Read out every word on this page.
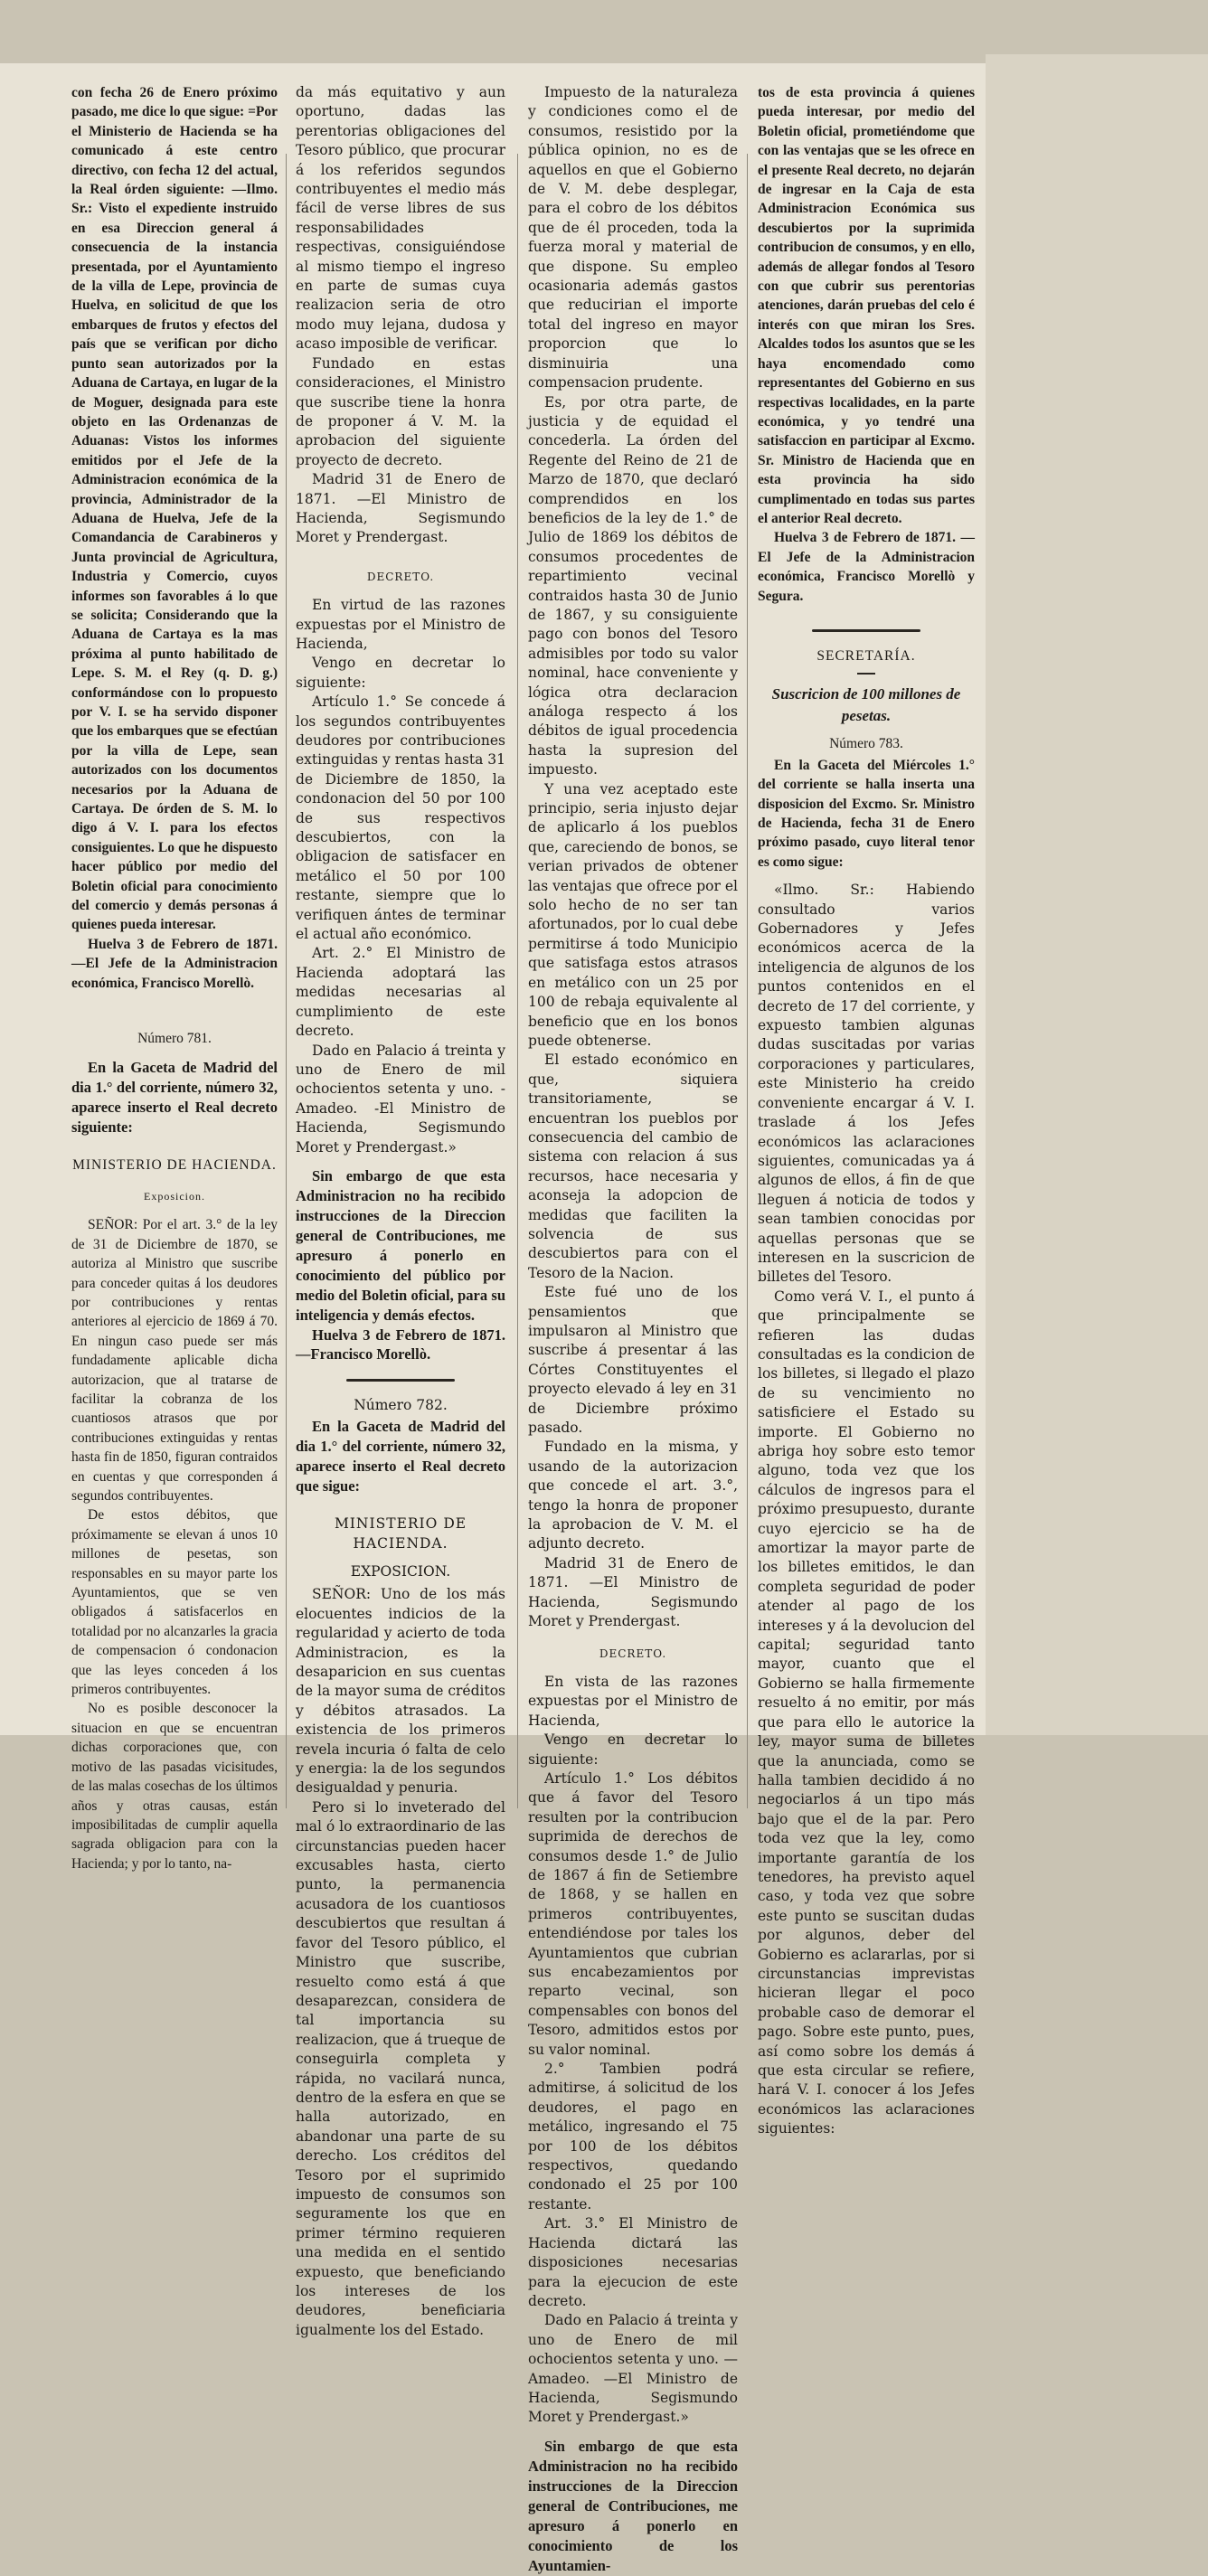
con fecha 26 de Enero próximo pasado, me dice lo que sigue: =Por el Ministerio de Hacienda se ha comunicado á este centro directivo, con fecha 12 del actual, la Real órden siguiente: —Ilmo. Sr.: Visto el expediente instruido en esa Direccion general á consecuencia de la instancia presentada, por el Ayuntamiento de la villa de Lepe, provincia de Huelva, en solicitud de que los embarques de frutos y efectos del país que se verifican por dicho punto sean autorizados por la Aduana de Cartaya, en lugar de la de Moguer, designada para este objeto en las Ordenanzas de Aduanas: Vistos los informes emitidos por el Jefe de la Administracion económica de la provincia, Administrador de la Aduana de Huelva, Jefe de la Comandancia de Carabineros y Junta provincial de Agricultura, Industria y Comercio, cuyos informes son favorables á lo que se solicita; Considerando que la Aduana de Cartaya es la mas próxima al punto habilitado de Lepe. S. M. el Rey (q. D. g.) conformándose con lo propuesto por V. I. se ha servido disponer que los embarques que se efectúan por la villa de Lepe, sean autorizados con los documentos necesarios por la Aduana de Cartaya. De órden de S. M. lo digo á V. I. para los efectos consiguientes. Lo que he dispuesto hacer público por medio del Boletin oficial para conocimiento del comercio y demás personas á quienes pueda interesar.

Huelva 3 de Febrero de 1871. —El Jefe de la Administracion económica, Francisco Morellò.

Número 781.

En la Gaceta de Madrid del dia 1.° del corriente, número 32, aparece inserto el Real decreto siguiente:

MINISTERIO DE HACIENDA.
Exposicion.

SEÑOR: Por el art. 3.° de la ley de 31 de Diciembre de 1870, se autoriza al Ministro que suscribe para conceder quitas á los deudores por contribuciones y rentas anteriores al ejercicio de 1869 á 70. En ningun caso puede ser más fundadamente aplicable dicha autorizacion, que al tratarse de facilitar la cobranza de los cuantiosos atrasos que por contribuciones extinguidas y rentas hasta fin de 1850, figuran contraidos en cuentas y que corresponden á segundos contribuyentes.

De estos débitos, que próximamente se elevan á unos 10 millones de pesetas, son responsables en su mayor parte los Ayuntamientos, que se ven obligados á satisfacerlos en totalidad por no alcanzarles la gracia de compensacion ó condonacion que las leyes conceden á los primeros contribuyentes.

No es posible desconocer la situacion en que se encuentran dichas corporaciones que, con motivo de las pasadas vicisitudes, de las malas cosechas de los últimos años y otras causas, están imposibilitadas de cumplir aquella sagrada obligacion para con la Hacienda; y por lo tanto, na-

da más equitativo y aun oportuno, dadas las perentorias obligaciones del Tesoro público, que procurar á los referidos segundos contribuyentes el medio más fácil de verse libres de sus responsabilidades respectivas, consiguiéndose al mismo tiempo el ingreso en parte de sumas cuya realizacion seria de otro modo muy lejana, dudosa y acaso imposible de verificar.

Fundado en estas consideraciones, el Ministro que suscribe tiene la honra de proponer á V. M. la aprobacion del siguiente proyecto de decreto.

Madrid 31 de Enero de 1871. —El Ministro de Hacienda, Segismundo Moret y Prendergast.

DECRETO.

En virtud de las razones expuestas por el Ministro de Hacienda,

Vengo en decretar lo siguiente:

Artículo 1.° Se concede á los segundos contribuyentes deudores por contribuciones extinguidas y rentas hasta 31 de Diciembre de 1850, la condonacion del 50 por 100 de sus respectivos descubiertos, con la obligacion de satisfacer en metálico el 50 por 100 restante, siempre que lo verifiquen ántes de terminar el actual año económico.

Art. 2.° El Ministro de Hacienda adoptará las medidas necesarias al cumplimiento de este decreto.

Dado en Palacio á treinta y uno de Enero de mil ochocientos setenta y uno. -Amadeo. -El Ministro de Hacienda, Segismundo Moret y Prendergast.»

Sin embargo de que esta Administracion no ha recibido instrucciones de la Direccion general de Contribuciones, me apresuro á ponerlo en conocimiento del público por medio del Boletin oficial, para su inteligencia y demás efectos.

Huelva 3 de Febrero de 1871. —Francisco Morellò.

Número 782.

En la Gaceta de Madrid del dia 1.° del corriente, número 32, aparece inserto el Real decreto que sigue:

MINISTERIO DE HACIENDA.
EXPOSICION.

SEÑOR: Uno de los más elocuentes indicios de la regularidad y acierto de toda Administracion, es la desaparicion en sus cuentas de la mayor suma de créditos y débitos atrasados. La existencia de los primeros revela incuria ó falta de celo y energia: la de los segundos desigualdad y penuria.

Pero si lo inveterado del mal ó lo extraordinario de las circunstancias pueden hacer excusables hasta, cierto punto, la permanencia acusadora de los cuantiosos descubiertos que resultan á favor del Tesoro público, el Ministro que suscribe, resuelto como está á que desaparezcan, considera de tal importancia su realizacion, que á trueque de conseguirla completa y rápida, no vacilará nunca, dentro de la esfera en que se halla autorizado, en abandonar una parte de su derecho. Los créditos del Tesoro por el suprimido impuesto de consumos son seguramente los que en primer término requieren una medida en el sentido expuesto, que beneficiando los intereses de los deudores, beneficiaria igualmente los del Estado.

Impuesto de la naturaleza y condiciones como el de consumos, resistido por la pública opinion, no es de aquellos en que el Gobierno de V. M. debe desplegar, para el cobro de los débitos que de él proceden, toda la fuerza moral y material de que dispone. Su empleo ocasionaria además gastos que reducirian el importe total del ingreso en mayor proporcion que lo disminuiria una compensacion prudente.

Es, por otra parte, de justicia y de equidad el concederla. La órden del Regente del Reino de 21 de Marzo de 1870, que declaró comprendidos en los beneficios de la ley de 1.° de Julio de 1869 los débitos de consumos procedentes de repartimiento vecinal contraidos hasta 30 de Junio de 1867, y su consiguiente pago con bonos del Tesoro admisibles por todo su valor nominal, hace conveniente y lógica otra declaracion análoga respecto á los débitos de igual procedencia hasta la supresion del impuesto.

Y una vez aceptado este principio, seria injusto dejar de aplicarlo á los pueblos que, careciendo de bonos, se verian privados de obtener las ventajas que ofrece por el solo hecho de no ser tan afortunados, por lo cual debe permitirse á todo Municipio que satisfaga estos atrasos en metálico con un 25 por 100 de rebaja equivalente al beneficio que en los bonos puede obtenerse.

El estado económico en que, siquiera transitoriamente, se encuentran los pueblos por consecuencia del cambio de sistema con relacion á sus recursos, hace necesaria y aconseja la adopcion de medidas que faciliten la solvencia de sus descubiertos para con el Tesoro de la Nacion.

Este fué uno de los pensamientos que impulsaron al Ministro que suscribe á presentar á las Córtes Constituyentes el proyecto elevado á ley en 31 de Diciembre próximo pasado.

Fundado en la misma, y usando de la autorizacion que concede el art. 3.°, tengo la honra de proponer la aprobacion de V. M. el adjunto decreto.

Madrid 31 de Enero de 1871. —El Ministro de Hacienda, Segismundo Moret y Prendergast.

DECRETO.

En vista de las razones expuestas por el Ministro de Hacienda,

Vengo en decretar lo siguiente:

Artículo 1.° Los débitos que á favor del Tesoro resulten por la contribucion suprimida de derechos de consumos desde 1.° de Julio de 1867 á fin de Setiembre de 1868, y se hallen en primeros contribuyentes, entendiéndose por tales los Ayuntamientos que cubrian sus encabezamientos por reparto vecinal, son compensables con bonos del Tesoro, admitidos estos por su valor nominal.

2.° Tambien podrá admitirse, á solicitud de los deudores, el pago en metálico, ingresando el 75 por 100 de los débitos respectivos, quedando condonado el 25 por 100 restante.

Art. 3.° El Ministro de Hacienda dictará las disposiciones necesarias para la ejecucion de este decreto.

Dado en Palacio á treinta y uno de Enero de mil ochocientos setenta y uno. —Amadeo. —El Ministro de Hacienda, Segismundo Moret y Prendergast.»

Sin embargo de que esta Administracion no ha recibido instrucciones de la Direccion general de Contribuciones, me apresuro á ponerlo en conocimiento de los Ayuntamien-

tos de esta provincia á quienes pueda interesar, por medio del Boletin oficial, prometiéndome que con las ventajas que se les ofrece en el presente Real decreto, no dejarán de ingresar en la Caja de esta Administracion Económica sus descubiertos por la suprimida contribucion de consumos, y en ello, además de allegar fondos al Tesoro con que cubrir sus perentorias atenciones, darán pruebas del celo é interés con que miran los Sres. Alcaldes todos los asuntos que se les haya encomendado como representantes del Gobierno en sus respectivas localidades, en la parte económica, y yo tendré una satisfaccion en participar al Excmo. Sr. Ministro de Hacienda que en esta provincia ha sido cumplimentado en todas sus partes el anterior Real decreto.

Huelva 3 de Febrero de 1871. —El Jefe de la Administracion económica, Francisco Morellò y Segura.

SECRETARÍA.
Suscricion de 100 millones de pesetas.
Número 783.

En la Gaceta del Miércoles 1.° del corriente se halla inserta una disposicion del Excmo. Sr. Ministro de Hacienda, fecha 31 de Enero próximo pasado, cuyo literal tenor es como sigue:

«Ilmo. Sr.: Habiendo consultado varios Gobernadores y Jefes económicos acerca de la inteligencia de algunos de los puntos contenidos en el decreto de 17 del corriente, y expuesto tambien algunas dudas suscitadas por varias corporaciones y particulares, este Ministerio ha creido conveniente encargar á V. I. traslade á los Jefes económicos las aclaraciones siguientes, comunicadas ya á algunos de ellos, á fin de que lleguen á noticia de todos y sean tambien conocidas por aquellas personas que se interesen en la suscricion de billetes del Tesoro.

Como verá V. I., el punto á que principalmente se refieren las dudas consultadas es la condicion de los billetes, si llegado el plazo de su vencimiento no satisficiere el Estado su importe. El Gobierno no abriga hoy sobre esto temor alguno, toda vez que los cálculos de ingresos para el próximo presupuesto, durante cuyo ejercicio se ha de amortizar la mayor parte de los billetes emitidos, le dan completa seguridad de poder atender al pago de los intereses y á la devolucion del capital; seguridad tanto mayor, cuanto que el Gobierno se halla firmemente resuelto á no emitir, por más que para ello le autorice la ley, mayor suma de billetes que la anunciada, como se halla tambien decidido á no negociarlos á un tipo más bajo que el de la par. Pero toda vez que la ley, como importante garantía de los tenedores, ha previsto aquel caso, y toda vez que sobre este punto se suscitan dudas por algunos, deber del Gobierno es aclararlas, por si circunstancias imprevistas hicieran llegar el poco probable caso de demorar el pago. Sobre este punto, pues, así como sobre los demás á que esta circular se refiere, hará V. I. conocer á los Jefes económicos las aclaraciones siguientes:
